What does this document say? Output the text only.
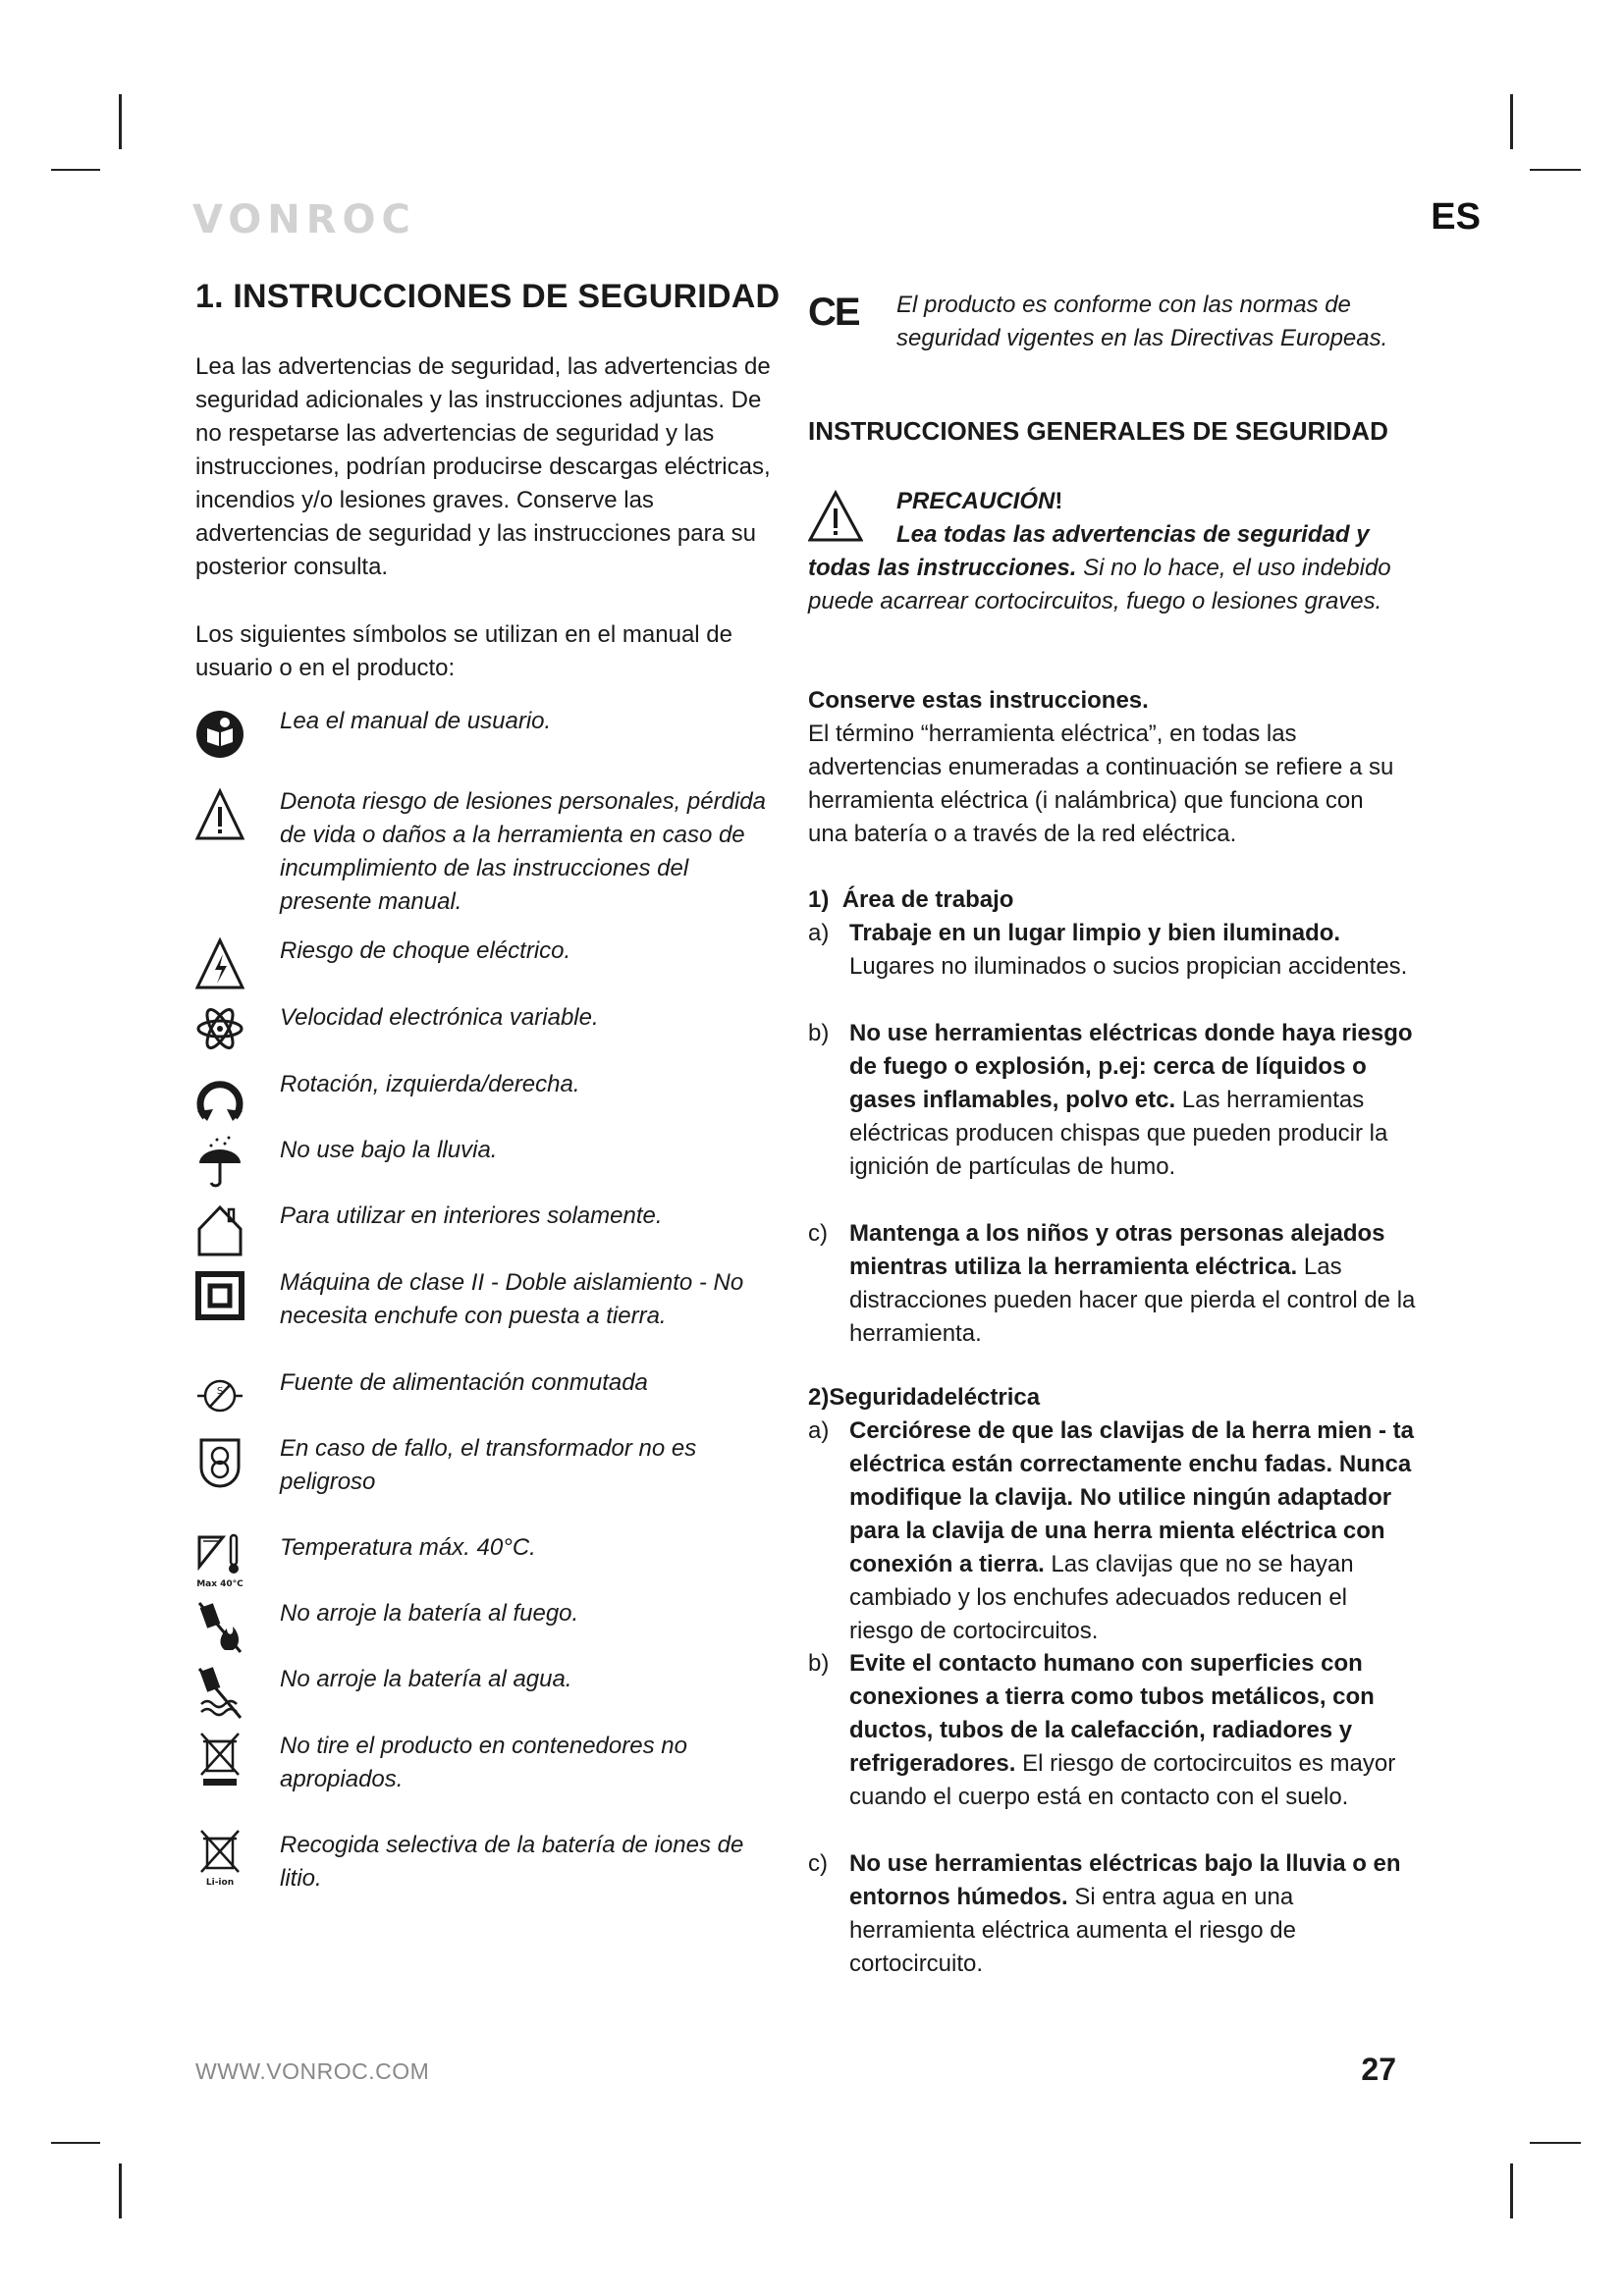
VONROC	ES
1. INSTRUCCIONES DE SEGURIDAD

Lea las advertencias de seguridad, las advertencias de seguridad adicionales y las instrucciones adjuntas. De no respetarse las advertencias de seguridad y las instrucciones, podrían producirse descargas eléctricas, incendios y/o lesiones graves. Conserve las advertencias de seguridad y las instrucciones para su posterior consulta.

Los siguientes símbolos se utilizan en el manual de usuario o en el producto:

Lea el manual de usuario.
Denota riesgo de lesiones personales, pérdida de vida o daños a la herramienta en caso de incumplimiento de las instrucciones del presente manual.
Riesgo de choque eléctrico.
Velocidad electrónica variable.
Rotación, izquierda/derecha.
No use bajo la lluvia.
Para utilizar en interiores solamente.
Máquina de clase II - Doble aislamiento - No necesita enchufe con puesta a tierra.
S Fuente de alimentación conmutada
En caso de fallo, el transformador no es peligroso
Max 40°C
Temperatura máx. 40°C.
No arroje la batería al fuego.
No arroje la batería al agua.
No tire el producto en contenedores no apropiados.
Li-ion
Recogida selectiva de la batería de iones de litio.
CE El producto es conforme con las normas de seguridad vigentes en las Directivas Europeas.

INSTRUCCIONES GENERALES DE SEGURIDAD
PRECAUCIÓN!
Lea todas las advertencias de seguridad y todas las instrucciones. Si no lo hace, el uso indebido puede acarrear cortocircuitos, fuego o lesiones graves.
Conserve estas instrucciones.

El término “herramienta eléctrica”, en todas las advertencias enumeradas a continuación se refiere a su herramienta eléctrica (i nalámbrica) que funciona con una batería o a través de la red eléctrica.

1) Área de trabajo
a) Trabaje en un lugar limpio y bien iluminado. Lugares no iluminados o sucios propician accidentes.
b) No use herramientas eléctricas donde haya riesgo de fuego o explosión, p.ej: cerca de líquidos o gases inflamables, polvo etc. Las herramientas eléctricas producen chispas que pueden producir la ignición de partículas de humo.
c) Mantenga a los niños y otras personas alejados mientras utiliza la herramienta eléctrica. Las distracciones pueden hacer que pierda el control de la herramienta.
2)Seguridadeléctrica
a) Cerciórese de que las clavijas de la herra mien - ta eléctrica están correctamente enchu fadas. Nunca modifique la clavija. No utilice ningún adaptador para la clavija de una herra mienta eléctrica con conexión a tierra. Las clavijas que no se hayan cambiado y los enchufes adecuados reducen el riesgo de cortocircuitos.
b) Evite el contacto humano con superficies con conexiones a tierra como tubos metálicos, con ductos, tubos de la calefacción, radiadores y refrigeradores. El riesgo de cortocircuitos es mayor cuando el cuerpo está en contacto con el suelo.
c) No use herramientas eléctricas bajo la lluvia o en entornos húmedos. Si entra agua en una herramienta eléctrica aumenta el riesgo de cortocircuito.
WWW.VONROC.COM	27
